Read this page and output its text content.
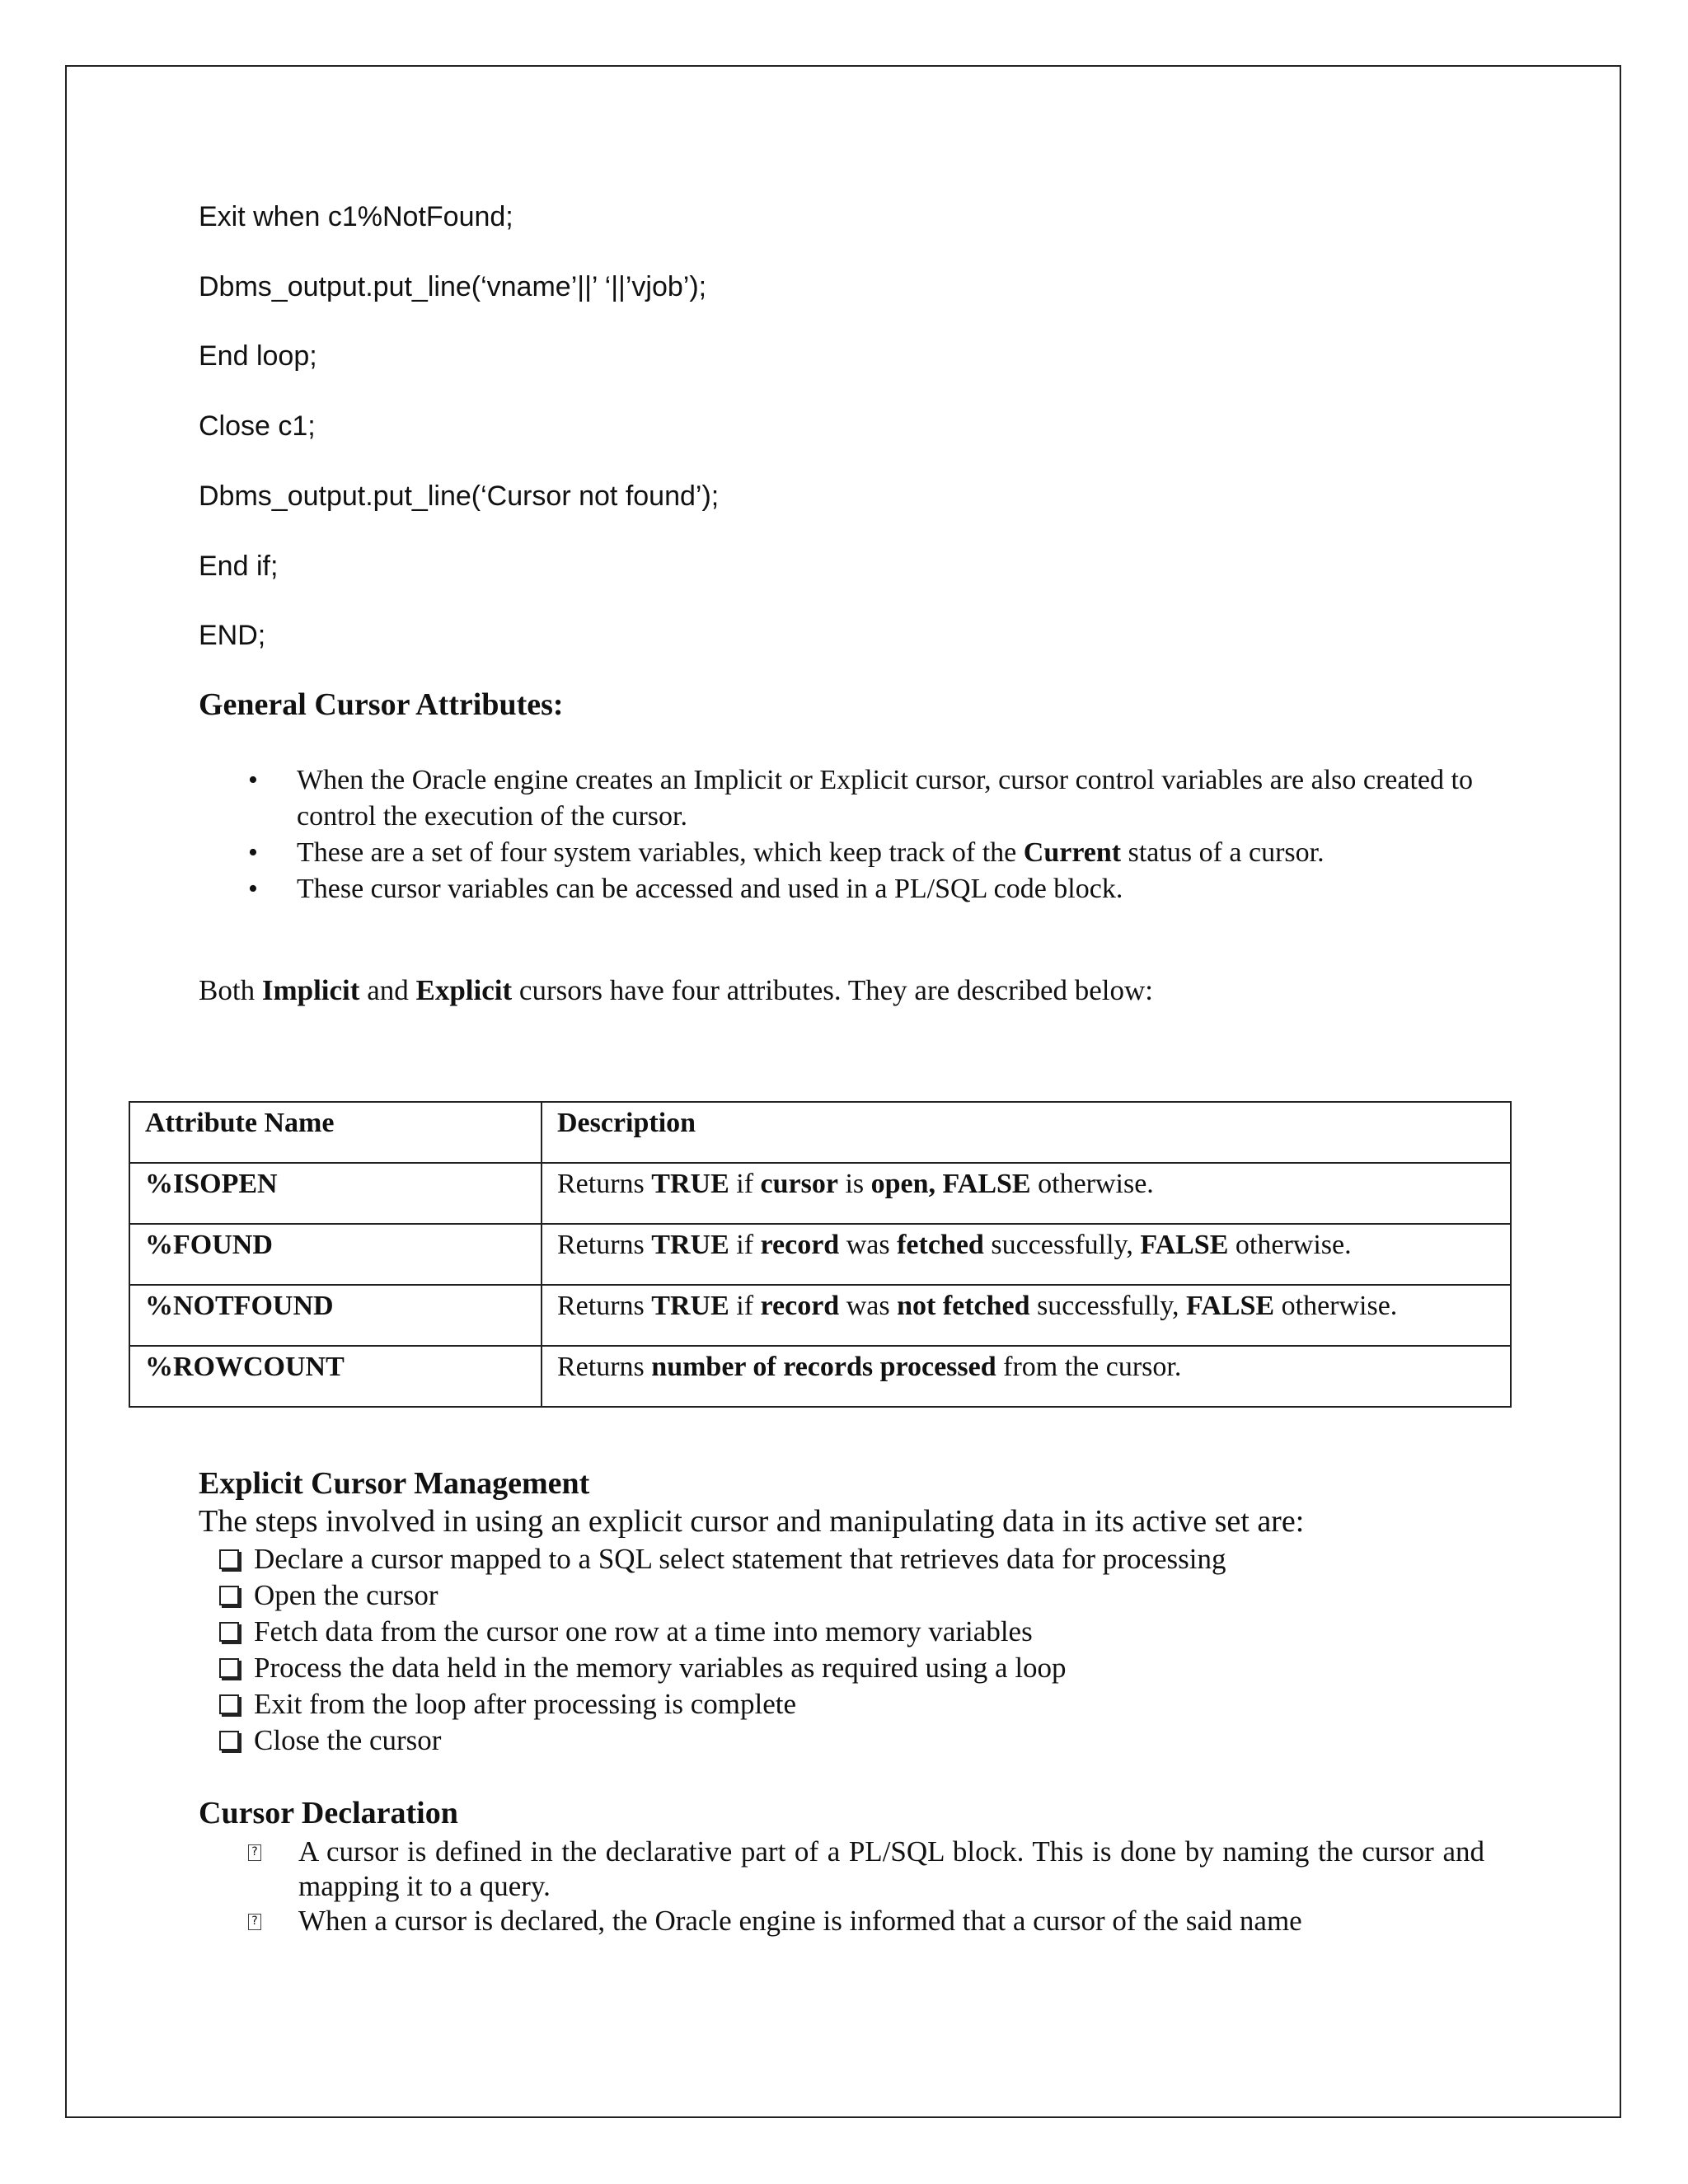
Exit when c1%NotFound;
Dbms_output.put_line(‘vname’||’ ‘||’vjob’);
End loop;
Close c1;
Dbms_output.put_line(‘Cursor not found’);
End if;
END;
General Cursor Attributes:
• When the Oracle engine creates an Implicit or Explicit cursor, cursor control variables are also created to control the execution of the cursor.
• These are a set of four system variables, which keep track of the Current status of a cursor.
• These cursor variables can be accessed and used in a PL/SQL code block.
Both Implicit and Explicit cursors have four attributes. They are described below:
Attribute Name	Description
%ISOPEN	Returns TRUE if cursor is open, FALSE otherwise.
%FOUND	Returns TRUE if record was fetched successfully, FALSE otherwise.
%NOTFOUND	Returns TRUE if record was not fetched successfully, FALSE otherwise.
%ROWCOUNT	Returns number of records processed from the cursor.
Explicit Cursor Management
The steps involved in using an explicit cursor and manipulating data in its active set are:
Declare a cursor mapped to a SQL select statement that retrieves data for processing
Open the cursor
Fetch data from the cursor one row at a time into memory variables
Process the data held in the memory variables as required using a loop
Exit from the loop after processing is complete
Close the cursor
Cursor Declaration
? A cursor is defined in the declarative part of a PL/SQL block. This is done by naming the cursor and mapping it to a query.
? When a cursor is declared, the Oracle engine is informed that a cursor of the said name
